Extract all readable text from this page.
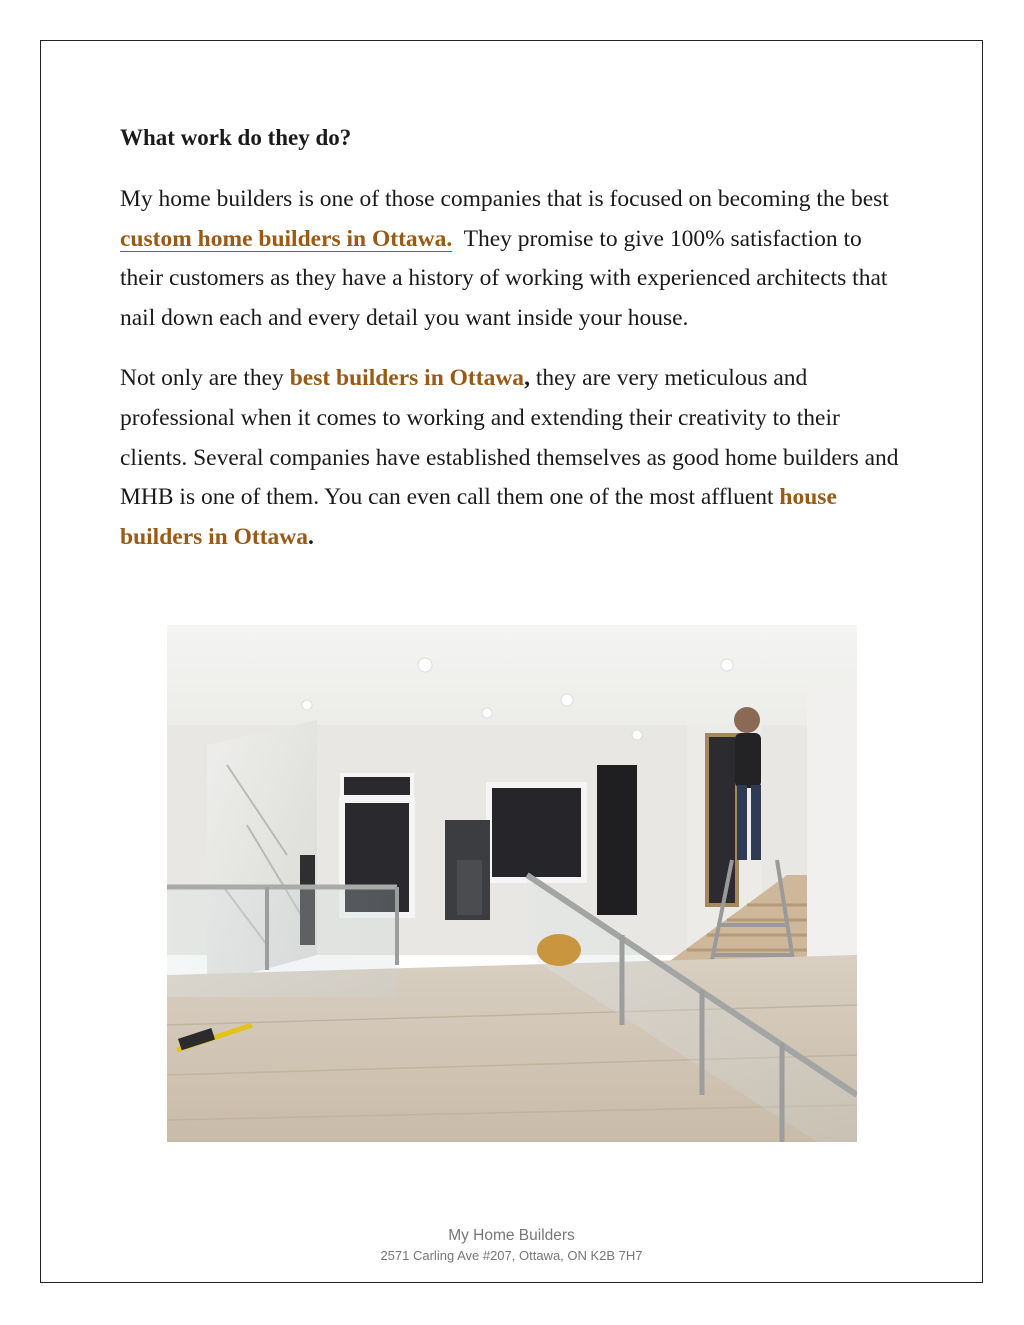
What work do they do?

My home builders is one of those companies that is focused on becoming the best custom home builders in Ottawa.  They promise to give 100% satisfaction to their customers as they have a history of working with experienced architects that nail down each and every detail you want inside your house.

Not only are they best builders in Ottawa, they are very meticulous and professional when it comes to working and extending their creativity to their clients. Several companies have established themselves as good home builders and MHB is one of them. You can even call them one of the most affluent house builders in Ottawa.

My Home Builders
2571 Carling Ave #207, Ottawa, ON K2B 7H7
